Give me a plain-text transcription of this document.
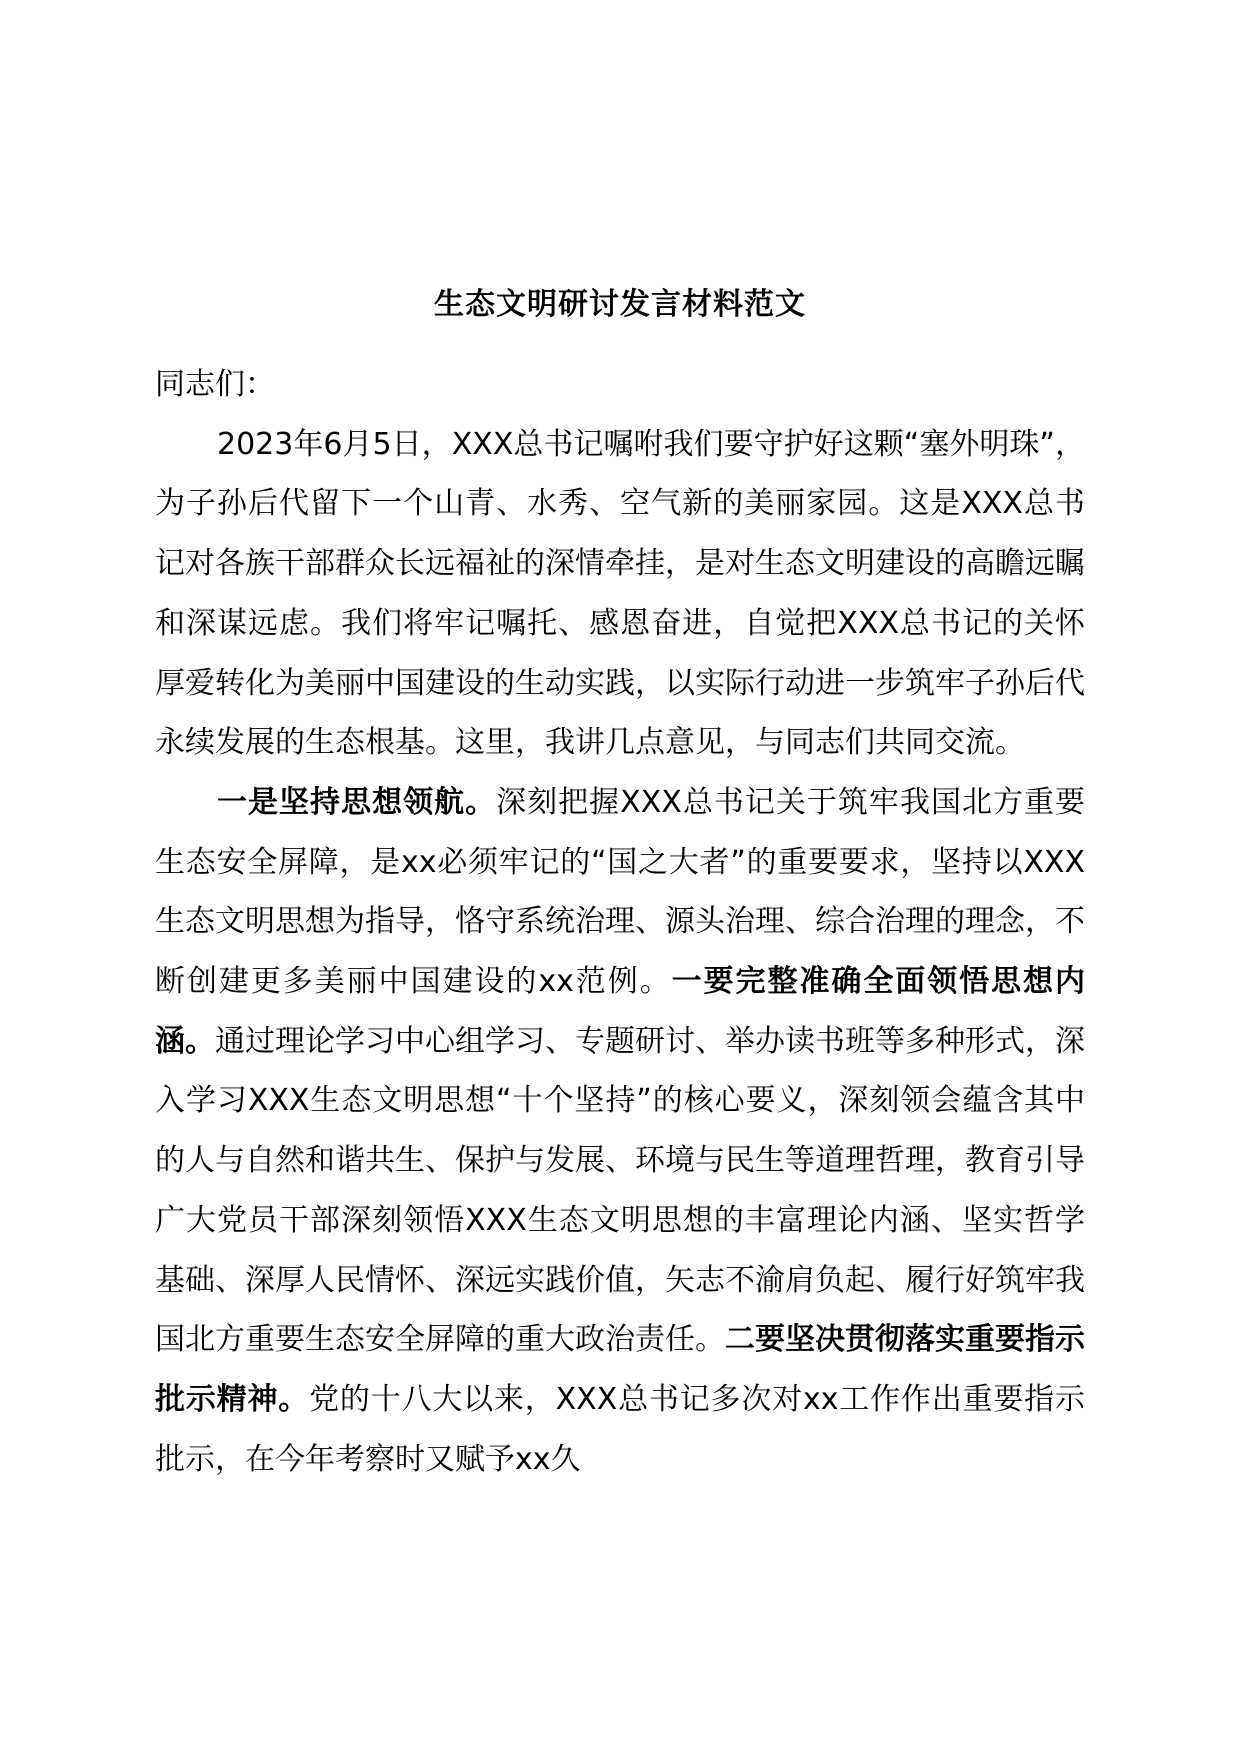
生态文明研讨发言材料范文

同志们：

2023年6月5日，XXX总书记嘱咐我们要守护好这颗“塞外明珠”，为子孙后代留下一个山青、水秀、空气新的美丽家园。这是XXX总书记对各族干部群众长远福祉的深情牵挂，是对生态文明建设的高瞻远瞩和深谋远虑。我们将牢记嘱托、感恩奋进，自觉把XXX总书记的关怀厚爱转化为美丽中国建设的生动实践，以实际行动进一步筑牢子孙后代永续发展的生态根基。这里，我讲几点意见，与同志们共同交流。

一是坚持思想领航。深刻把握XXX总书记关于筑牢我国北方重要生态安全屏障，是xx必须牢记的“国之大者”的重要要求，坚持以XXX生态文明思想为指导，恪守系统治理、源头治理、综合治理的理念，不断创建更多美丽中国建设的xx范例。一要完整准确全面领悟思想内涵。通过理论学习中心组学习、专题研讨、举办读书班等多种形式，深入学习XXX生态文明思想“十个坚持”的核心要义，深刻领会蕴含其中的人与自然和谐共生、保护与发展、环境与民生等道理哲理，教育引导广大党员干部深刻领悟XXX生态文明思想的丰富理论内涵、坚实哲学基础、深厚人民情怀、深远实践价值，矢志不渝肩负起、履行好筑牢我国北方重要生态安全屏障的重大政治责任。二要坚决贯彻落实重要指示批示精神。党的十八大以来，XXX总书记多次对xx工作作出重要指示批示，在今年考察时又赋予xx久
